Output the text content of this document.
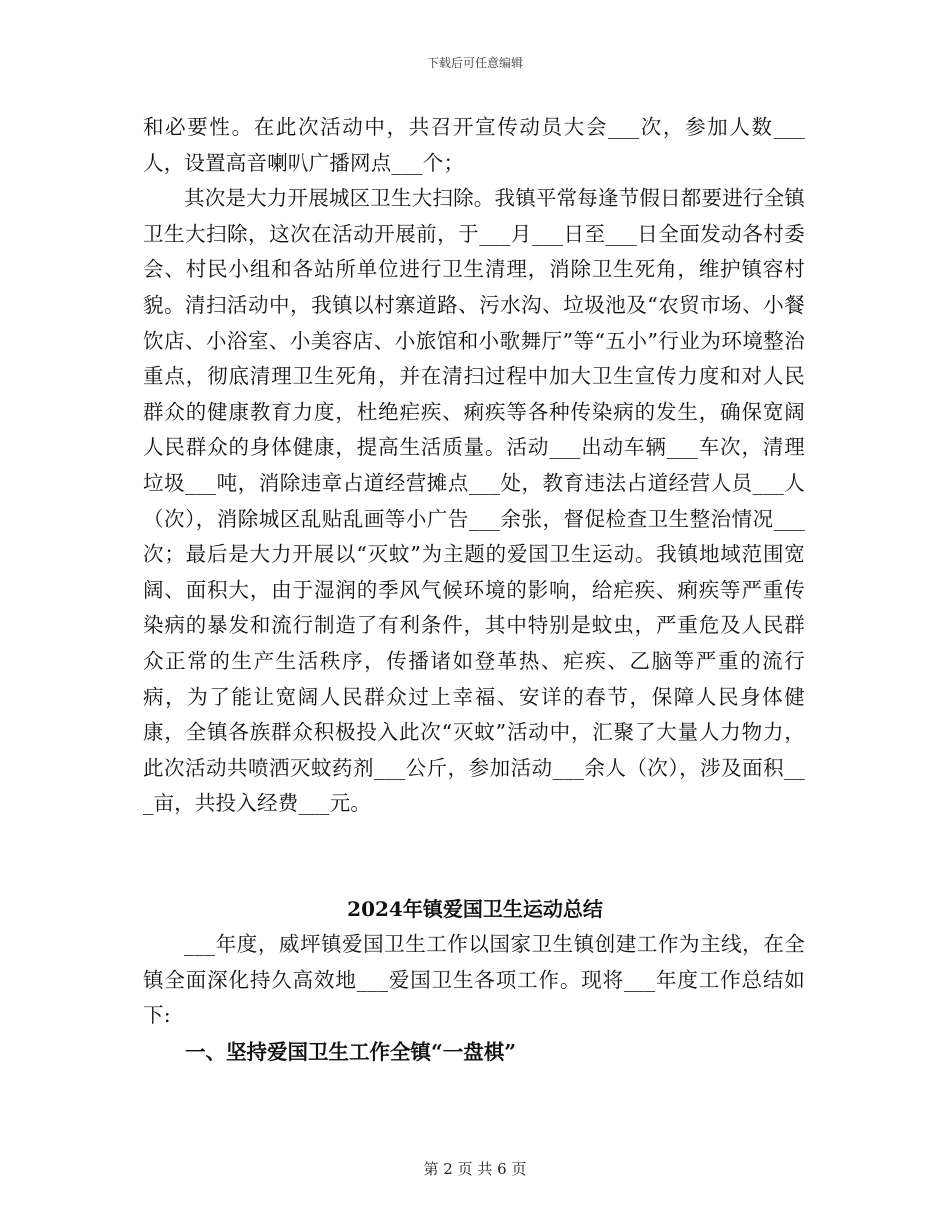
下载后可任意编辑

和必要性。在此次活动中，共召开宣传动员大会___次，参加人数___人，设置高音喇叭广播网点___个；

其次是大力开展城区卫生大扫除。我镇平常每逢节假日都要进行全镇卫生大扫除，这次在活动开展前，于___月___日至___日全面发动各村委会、村民小组和各站所单位进行卫生清理，消除卫生死角，维护镇容村貌。清扫活动中，我镇以村寨道路、污水沟、垃圾池及“农贸市场、小餐饮店、小浴室、小美容店、小旅馆和小歌舞厅”等“五小”行业为环境整治重点，彻底清理卫生死角，并在清扫过程中加大卫生宣传力度和对人民群众的健康教育力度，杜绝疟疾、痢疾等各种传染病的发生，确保宽阔人民群众的身体健康，提高生活质量。活动___出动车辆___车次，清理垃圾___吨，消除违章占道经营摊点___处，教育违法占道经营人员___人（次），消除城区乱贴乱画等小广告___余张，督促检查卫生整治情况___次；最后是大力开展以“灭蚊”为主题的爱国卫生运动。我镇地域范围宽阔、面积大，由于湿润的季风气候环境的影响，给疟疾、痢疾等严重传染病的暴发和流行制造了有利条件，其中特别是蚊虫，严重危及人民群众正常的生产生活秩序，传播诸如登革热、疟疾、乙脑等严重的流行病，为了能让宽阔人民群众过上幸福、安详的春节，保障人民身体健康，全镇各族群众积极投入此次“灭蚊”活动中，汇聚了大量人力物力，此次活动共喷洒灭蚊药剂___公斤，参加活动___余人（次），涉及面积___亩，共投入经费___元。

2024年镇爱国卫生运动总结

___年度，威坪镇爱国卫生工作以国家卫生镇创建工作为主线，在全镇全面深化持久高效地___爱国卫生各项工作。现将___年度工作总结如下:

一、坚持爱国卫生工作全镇“一盘棋”
第 2 页 共 6 页
